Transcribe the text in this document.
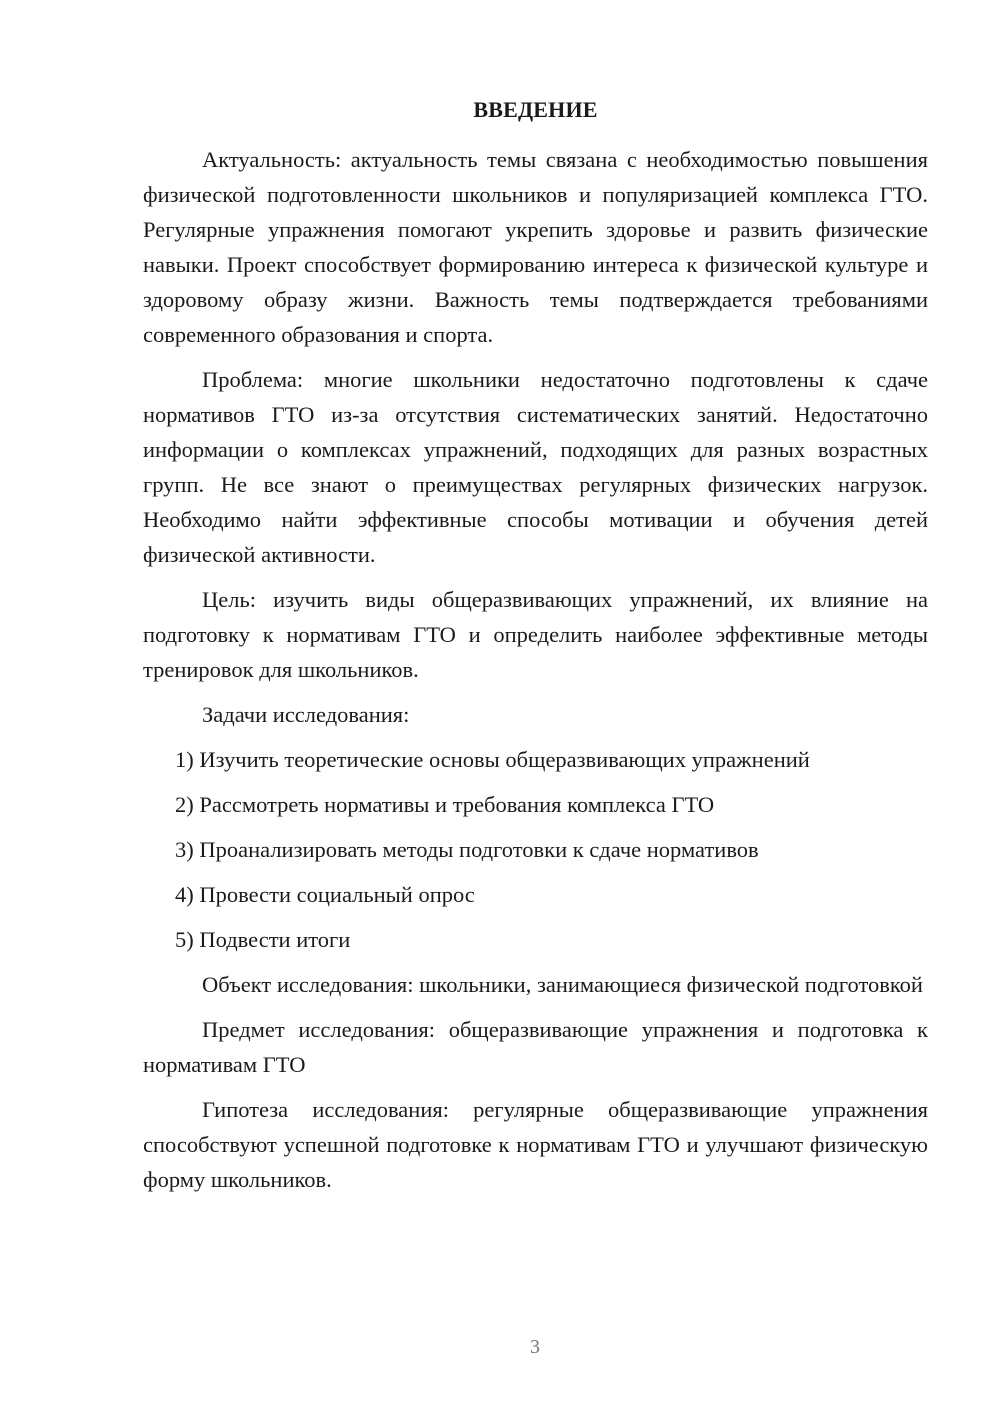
ВВЕДЕНИЕ

Актуальность: актуальность темы связана с необходимостью повышения физической подготовленности школьников и популяризацией комплекса ГТО. Регулярные упражнения помогают укрепить здоровье и развить физические навыки. Проект способствует формированию интереса к физической культуре и здоровому образу жизни. Важность темы подтверждается требованиями современного образования и спорта.

Проблема: многие школьники недостаточно подготовлены к сдаче нормативов ГТО из-за отсутствия систематических занятий. Недостаточно информации о комплексах упражнений, подходящих для разных возрастных групп. Не все знают о преимуществах регулярных физических нагрузок. Необходимо найти эффективные способы мотивации и обучения детей физической активности.

Цель: изучить виды общеразвивающих упражнений, их влияние на подготовку к нормативам ГТО и определить наиболее эффективные методы тренировок для школьников.

Задачи исследования:

1) Изучить теоретические основы общеразвивающих упражнений
2) Рассмотреть нормативы и требования комплекса ГТО
3) Проанализировать методы подготовки к сдаче нормативов
4) Провести социальный опрос
5) Подвести итоги

Объект исследования: школьники, занимающиеся физической подготовкой

Предмет исследования: общеразвивающие упражнения и подготовка к нормативам ГТО

Гипотеза исследования: регулярные общеразвивающие упражнения способствуют успешной подготовке к нормативам ГТО и улучшают физическую форму школьников.

3
